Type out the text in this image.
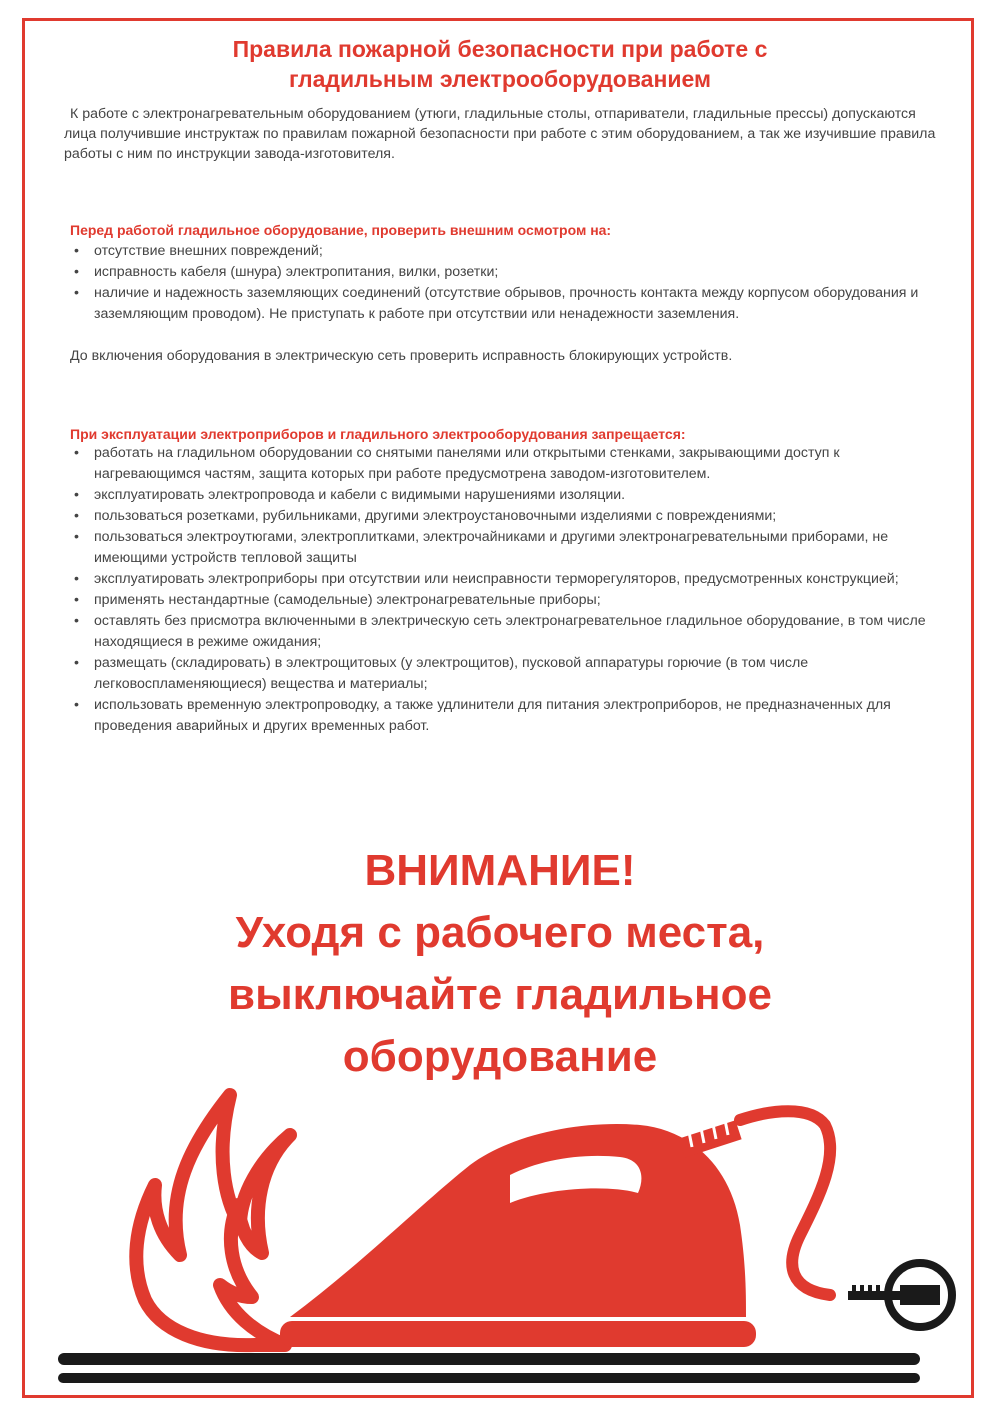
Правила пожарной безопасности при работе с
гладильным электрооборудованием
К работе с электронагревательным оборудованием (утюги, гладильные столы, отпариватели, гладильные прессы) допускаются лица получившие инструктаж по правилам пожарной безопасности при работе с этим оборудованием, а так же изучившие правила работы с ним по инструкции завода-изготовителя.
Перед работой гладильное оборудование, проверить внешним осмотром на:
• отсутствие внешних повреждений;
• исправность кабеля (шнура) электропитания, вилки, розетки;
• наличие и надежность заземляющих соединений (отсутствие обрывов, прочность контакта между корпусом оборудования и заземляющим проводом). Не приступать к работе при отсутствии или ненадежности заземления.
До включения оборудования в электрическую сеть проверить исправность блокирующих устройств.
При эксплуатации электроприборов и гладильного электрооборудования запрещается:
• работать на гладильном оборудовании со снятыми панелями или открытыми стенками, закрывающими доступ к нагревающимся частям, защита которых при работе предусмотрена заводом-изготовителем.
• эксплуатировать электропровода и кабели с видимыми нарушениями изоляции.
• пользоваться розетками, рубильниками, другими электроустановочными изделиями с повреждениями;
• пользоваться электроутюгами, электроплитками, электрочайниками и другими электронагревательными приборами, не имеющими устройств тепловой защиты
• эксплуатировать электроприборы при отсутствии или неисправности терморегуляторов, предусмотренных конструкцией;
• применять нестандартные (самодельные) электронагревательные приборы;
• оставлять без присмотра включенными в электрическую сеть электронагревательное гладильное оборудование, в том числе находящиеся в режиме ожидания;
• размещать (складировать) в электрощитовых (у электрощитов), пусковой аппаратуры горючие (в том числе легковоспламеняющиеся) вещества и материалы;
• использовать временную электропроводку, а также удлинители для питания электроприборов, не предназначенных для проведения аварийных и других временных работ.
ВНИМАНИЕ!
Уходя с рабочего места,
выключайте гладильное
оборудование
